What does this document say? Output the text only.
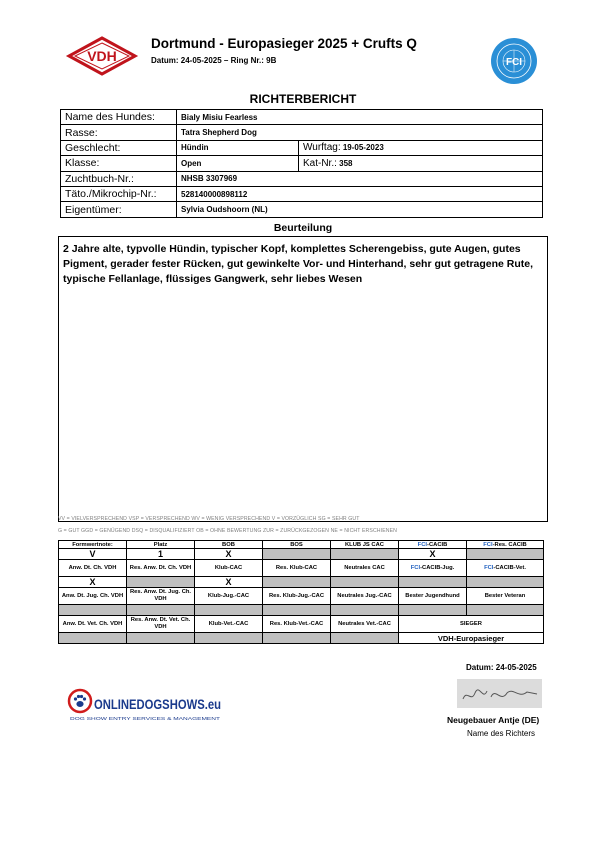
VDH
Dortmund - Europasieger 2025 + Crufts Q
Datum: 24-05-2025 – Ring Nr.: 9B	FCI
RICHTERBERICHT
Name des Hundes:	Bialy Misiu Fearless	
Rasse:	Tatra Shepherd Dog	
Geschlecht:	Hündin	Wurftag: 19-05-2023
Klasse:	Open	Kat-Nr.: 358
Zuchtbuch-Nr.:	NHSB 3307969	
Täto./Mikrochip-Nr.:	528140000898112	
Eigentümer:	Sylvia Oudshoorn (NL)	
Beurteilung
2 Jahre alte, typvolle Hündin, typischer Kopf, komplettes Scherengebiss, gute Augen, gutes Pigment, gerader fester Rücken, gut gewinkelte Vor- und Hinterhand, sehr gut getragene Rute, typische Fellanlage, flüssiges Gangwerk, sehr liebes Wesen
VV = VIELVERSPRECHEND VSP = VERSPRECHEND WV = WENIG VERSPRECHEND V = VORZÜGLICH SG = SEHR GUT
G = GUT GGD = GENÜGEND DSQ = DISQUALIFIZIERT OB = OHNE BEWERTUNG ZUR = ZURÜCKGEZOGEN NE = NICHT ERSCHIENEN
Formwertnote:	Platz	BOB	BOS	KLUB JS CAC	FCI-CACIB	FCI-Res. CACIB
V	1	X			X	
Anw. Dt. Ch. VDH	Res. Anw. Dt. Ch. VDH	Klub-CAC	Res. Klub-CAC	Neutrales CAC	FCI-CACIB-Jug.	FCI-CACIB-Vet.
X		X				
Anw. Dt. Jug. Ch. VDH	Res. Anw. Dt. Jug. Ch. VDH	Klub-Jug.-CAC	Res. Klub-Jug.-CAC	Neutrales Jug.-CAC	Bester Jugendhund	Bester Veteran

Anw. Dt. Vet. Ch. VDH	Res. Anw. Dt. Vet. Ch. VDH	Klub-Vet.-CAC	Res. Klub-Vet.-CAC	Neutrales Vet.-CAC	SIEGER	
					VDH-Europasieger	
Datum: 24-05-2025
Neugebauer Antje (DE)
Name des Richters
ONLINEDOGSHOWS.eu
DOG SHOW ENTRY SERVICES & MANAGEMENT
